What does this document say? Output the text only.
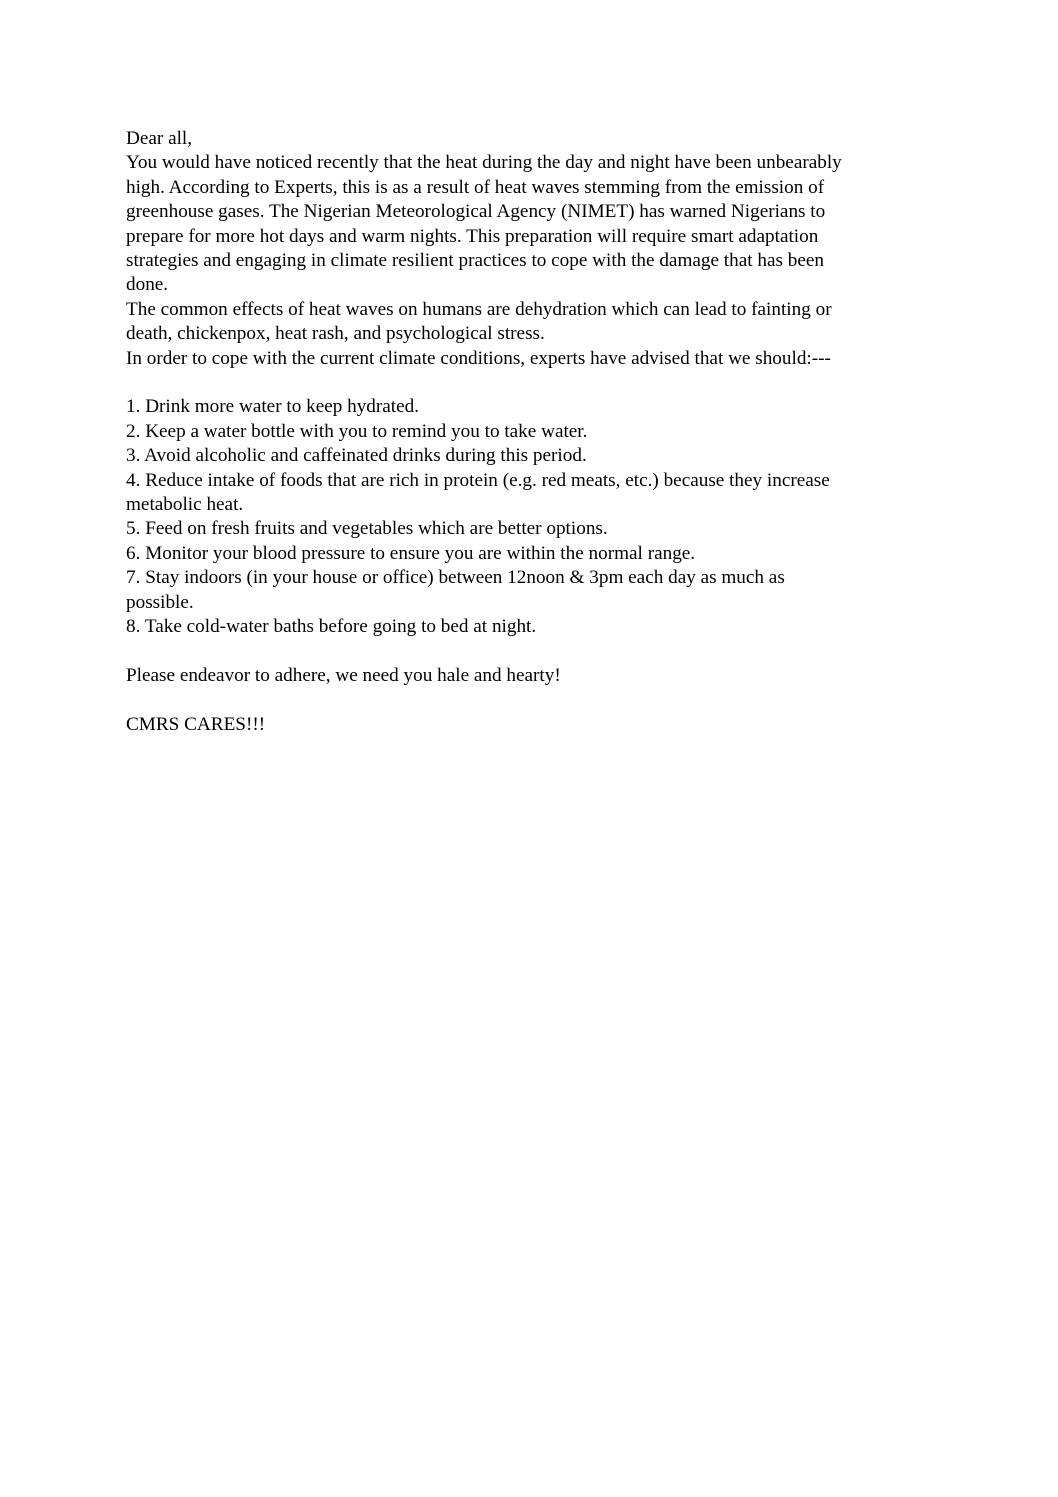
Dear all,
You would have noticed recently that the heat during the day and night have been unbearably
high. According to Experts, this is as a result of heat waves stemming from the emission of
greenhouse gases. The Nigerian Meteorological Agency (NIMET) has warned Nigerians to
prepare for more hot days and warm nights. This preparation will require smart adaptation
strategies and engaging in climate resilient practices to cope with the damage that has been
done.
The common effects of heat waves on humans are dehydration which can lead to fainting or
death, chickenpox, heat rash, and psychological stress.
In order to cope with the current climate conditions, experts have advised that we should:---
1. Drink more water to keep hydrated.
2. Keep a water bottle with you to remind you to take water.
3. Avoid alcoholic and caffeinated drinks during this period.
4. Reduce intake of foods that are rich in protein (e.g. red meats, etc.) because they increase
metabolic heat.
5. Feed on fresh fruits and vegetables which are better options.
6. Monitor your blood pressure to ensure you are within the normal range.
7. Stay indoors (in your house or office) between 12noon & 3pm each day as much as
possible.
8. Take cold-water baths before going to bed at night.
Please endeavor to adhere, we need you hale and hearty!
CMRS CARES!!!
